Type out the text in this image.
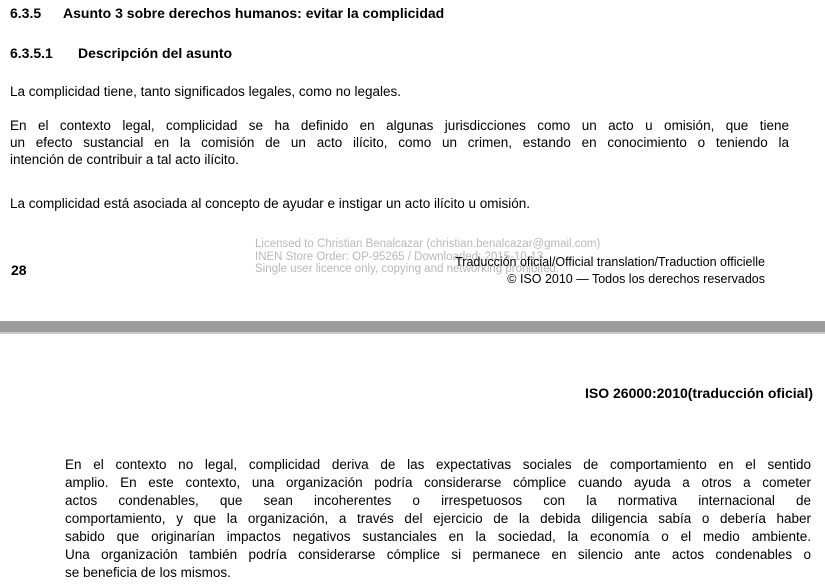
6.3.5 Asunto 3 sobre derechos humanos: evitar la complicidad
6.3.5.1 Descripción del asunto
La complicidad tiene, tanto significados legales, como no legales.
En el contexto legal, complicidad se ha definido en algunas jurisdicciones como un acto u omisión, que tiene
un efecto sustancial en la comisión de un acto ilícito, como un crimen, estando en conocimiento o teniendo la
intención de contribuir a tal acto ilícito.
La complicidad está asociada al concepto de ayudar e instigar un acto ilícito u omisión.
Licensed to Christian Benalcazar (christian.benalcazar@gmail.com)
INEN Store Order: OP-95265 / Downloaded: 2015-10-13
Single user licence only, copying and networking prohibited.
28	Traducción oficial/Official translation/Traduction officielle
© ISO 2010 — Todos los derechos reservados
ISO 26000:2010(traducción oficial)
En el contexto no legal, complicidad deriva de las expectativas sociales de comportamiento en el sentido
amplio. En este contexto, una organización podría considerarse cómplice cuando ayuda a otros a cometer
actos condenables, que sean incoherentes o irrespetuosos con la normativa internacional de
comportamiento, y que la organización, a través del ejercicio de la debida diligencia sabía o debería haber
sabido que originarían impactos negativos sustanciales en la sociedad, la economía o el medio ambiente.
Una organización también podría considerarse cómplice si permanece en silencio ante actos condenables o
se beneficia de los mismos.
